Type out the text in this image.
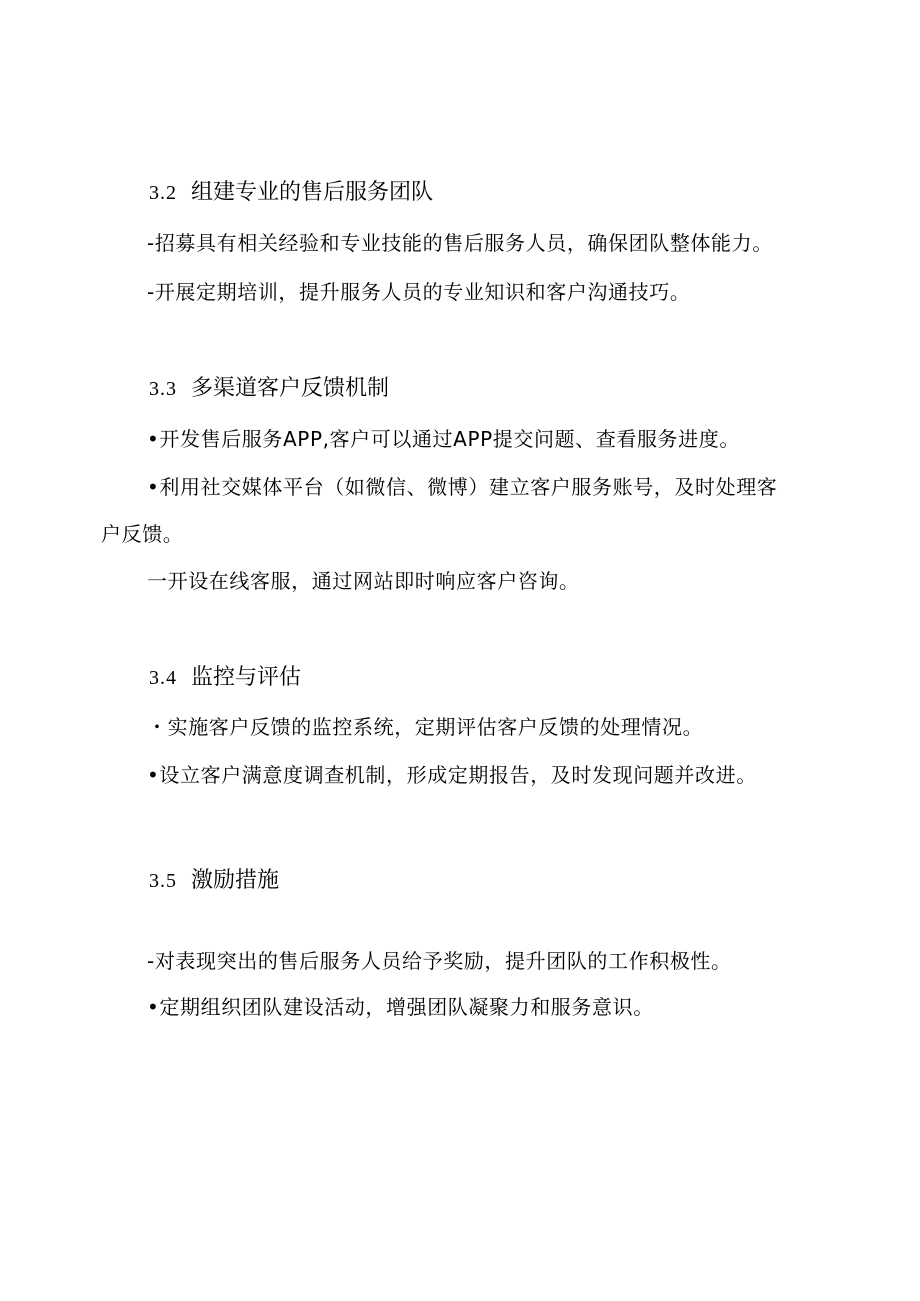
3.2 组建专业的售后服务团队

-招募具有相关经验和专业技能的售后服务人员，确保团队整体能力。

-开展定期培训，提升服务人员的专业知识和客户沟通技巧。

3.3 多渠道客户反馈机制

•开发售后服务APP,客户可以通过APP提交问题、查看服务进度。

•利用社交媒体平台（如微信、微博）建立客户服务账号，及时处理客

户反馈。

一开设在线客服，通过网站即时响应客户咨询。

3.4 监控与评估

・实施客户反馈的监控系统，定期评估客户反馈的处理情况。

•设立客户满意度调查机制，形成定期报告，及时发现问题并改进。

3.5 激励措施

-对表现突出的售后服务人员给予奖励，提升团队的工作积极性。

•定期组织团队建设活动，增强团队凝聚力和服务意识。
